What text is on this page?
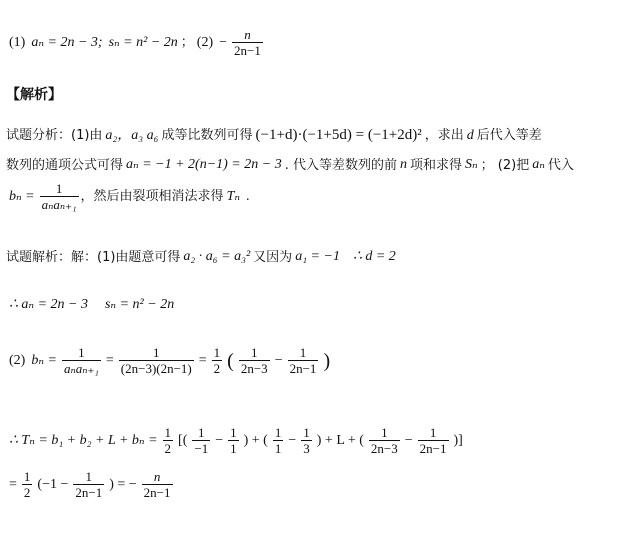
(1) aₙ = 2n − 3; sₙ = n² − 2n ； $(2) - \frac{n}{2n-1}$
【解析】
试题分析：(1)由 a₂，a₃ a₆ 成等比数列可得 (−1+d)·(−1+5d) = (−1+2d)² ，求出 d 后代入等差
数列的通项公式可得 aₙ = −1 + 2(n−1) = 2n − 3 . 代入等差数列的前 n 项和求得 Sₙ ； (2)把 aₙ 代入
$b_n = \frac{1}{\text{aₙaₙ₊₁}}$ ，然后由裂项相消法求得 Tₙ .
试题解析：解：(1)由题意可得 a₂ · a₆ = a₃² 又因为 a₁ = −1 ∴ d = 2
∴ aₙ = 2n − 3 sₙ = n² − 2n
(2) $b_n = \frac{1}{\text{aₙaₙ₊₁}} = \frac{1}{(2n-3)(2n-1)} = \frac{1}{2}$ ( $\frac{1}{2n-3} - \frac{1}{2n-1}$ )
∴ $T_n = b_1 + b_2 + L + b_n = \frac{1}{2}$ [( $\frac{1}{-1} - \frac{1}{1}$ ) + ( $\frac{1}{1} - \frac{1}{3}$ ) + L + ( $\frac{1}{2n-3} - \frac{1}{2n-1}$ )]
= $\frac{1}{2} (-1 - \frac{1}{2n-1}$ ) = − $\frac{n}{2n-1}$
